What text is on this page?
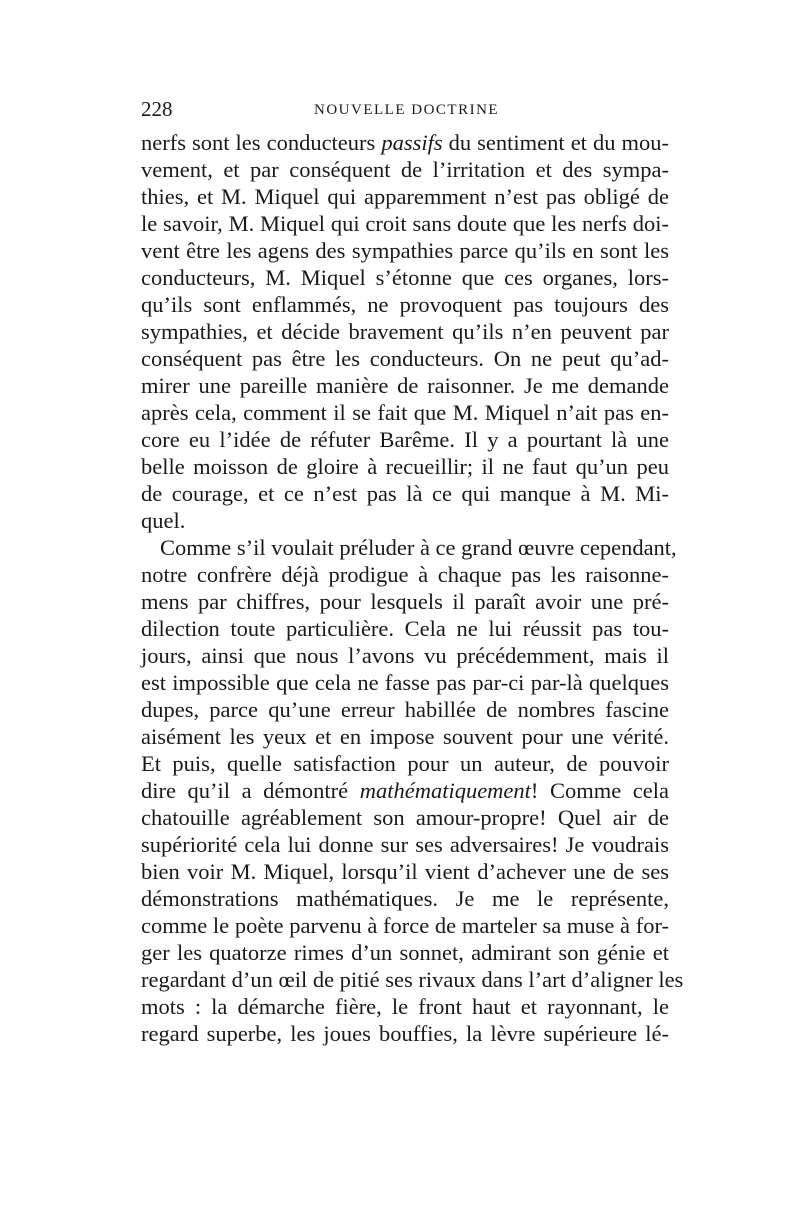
228	NOUVELLE DOCTRINE
nerfs sont les conducteurs passifs du sentiment et du mou-
vement, et par conséquent de l’irritation et des sympa-
thies, et M. Miquel qui apparemment n’est pas obligé de
le savoir, M. Miquel qui croit sans doute que les nerfs doi-
vent être les agens des sympathies parce qu’ils en sont les
conducteurs, M. Miquel s’étonne que ces organes, lors-
qu’ils sont enflammés, ne provoquent pas toujours des
sympathies, et décide bravement qu’ils n’en peuvent par
conséquent pas être les conducteurs. On ne peut qu’ad-
mirer une pareille manière de raisonner. Je me demande
après cela, comment il se fait que M. Miquel n’ait pas en-
core eu l’idée de réfuter Barême. Il y a pourtant là une
belle moisson de gloire à recueillir; il ne faut qu’un peu
de courage, et ce n’est pas là ce qui manque à M. Mi-
quel.
Comme s’il voulait préluder à ce grand œuvre cependant,
notre confrère déjà prodigue à chaque pas les raisonne-
mens par chiffres, pour lesquels il paraît avoir une pré-
dilection toute particulière. Cela ne lui réussit pas tou-
jours, ainsi que nous l’avons vu précédemment, mais il
est impossible que cela ne fasse pas par-ci par-là quelques
dupes, parce qu’une erreur habillée de nombres fascine
aisément les yeux et en impose souvent pour une vérité.
Et puis, quelle satisfaction pour un auteur, de pouvoir
dire qu’il a démontré mathématiquement! Comme cela
chatouille agréablement son amour-propre! Quel air de
supériorité cela lui donne sur ses adversaires! Je voudrais
bien voir M. Miquel, lorsqu’il vient d’achever une de ses
démonstrations mathématiques. Je me le représente,
comme le poète parvenu à force de marteler sa muse à for-
ger les quatorze rimes d’un sonnet, admirant son génie et
regardant d’un œil de pitié ses rivaux dans l’art d’aligner les
mots : la démarche fière, le front haut et rayonnant, le
regard superbe, les joues bouffies, la lèvre supérieure lé-
